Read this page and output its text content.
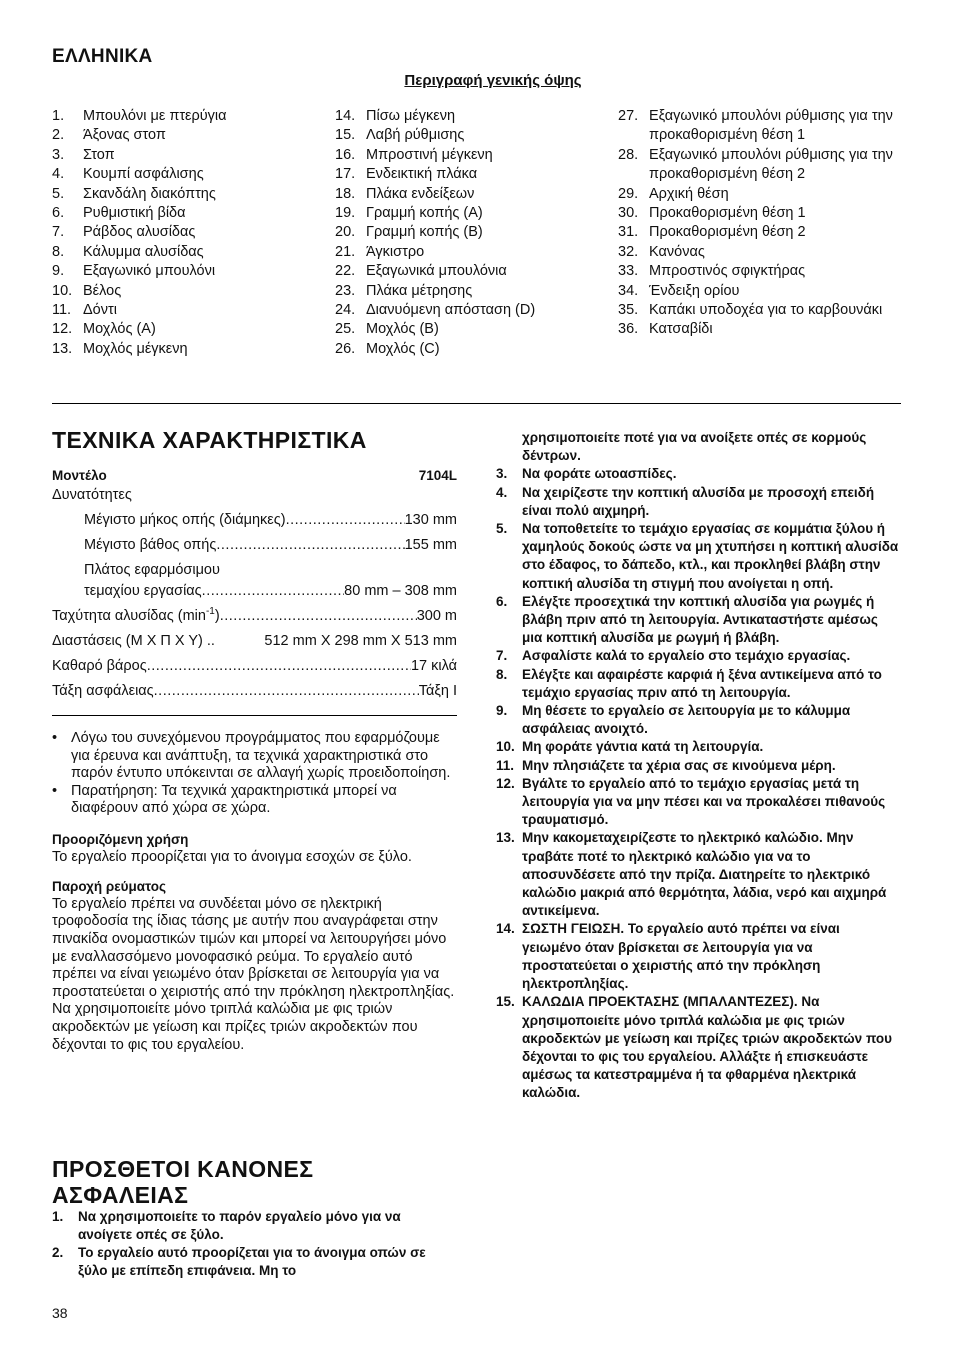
ΕΛΛΗΝΙΚΑ
Περιγραφή γενικής όψης
1.	Μπουλόνι με πτερύγια
2.	Άξονας στοπ
3.	Στοπ
4.	Κουμπί ασφάλισης
5.	Σκανδάλη διακόπτης
6.	Ρυθμιστική βίδα
7.	Ράβδος αλυσίδας
8.	Κάλυμμα αλυσίδας
9.	Εξαγωνικό μπουλόνι
10. Βέλος
11. Δόντι
12. Μοχλός (A)
13. Μοχλός μέγκενη
14. Πίσω μέγκενη
15. Λαβή ρύθμισης
16. Μπροστινή μέγκενη
17. Ενδεικτική πλάκα
18. Πλάκα ενδείξεων
19. Γραμμή κοπής (A)
20. Γραμμή κοπής (B)
21. Άγκιστρο
22. Εξαγωνικά μπουλόνια
23. Πλάκα μέτρησης
24. Διανυόμενη απόσταση (D)
25. Μοχλός (B)
26. Μοχλός (C)
27. Εξαγωνικό μπουλόνι ρύθμισης για την προκαθορισμένη θέση 1
28. Εξαγωνικό μπουλόνι ρύθμισης για την προκαθορισμένη θέση 2
29. Αρχική θέση
30. Προκαθορισμένη θέση 1
31. Προκαθορισμένη θέση 2
32. Κανόνας
33. Μπροστινός σφιγκτήρας
34. Ένδειξη ορίου
35. Καπάκι υποδοχέα για το καρβουνάκι
36. Κατσαβίδι
ΤΕΧΝΙΚΑ ΧΑΡΑΚΤΗΡΙΣΤΙΚΑ
Μοντέλο	7104L
Δυνατότητες
Μέγιστο μήκος οπής (διάμηκες) .....	130 mm
Μέγιστο βάθος οπής .....	155 mm
Πλάτος εφαρμόσιμου
τεμαχίου εργασίας .....	80 mm – 308 mm
Ταχύτητα αλυσίδας $(\min^{-1})$ .....	300 m
Διαστάσεις (Μ Χ Π Χ Υ) ..	512 mm X 298 mm X 513 mm
Καθαρό βάρος .....	17 κιλά
Τάξη ασφάλειας .....	Τάξη I
• Λόγω του συνεχόμενου προγράμματος που εφαρμόζουμε για έρευνα και ανάπτυξη, τα τεχνικά χαρακτηριστικά στο παρόν έντυπο υπόκεινται σε αλλαγή χωρίς προειδοποίηση.
• Παρατήρηση: Τα τεχνικά χαρακτηριστικά μπορεί να διαφέρουν από χώρα σε χώρα.
Προοριζόμενη χρήση
Το εργαλείο προορίζεται για το άνοιγμα εσοχών σε ξύλο.
Παροχή ρεύματος
Το εργαλείο πρέπει να συνδέεται μόνο σε ηλεκτρική τροφοδοσία της ίδιας τάσης με αυτήν που αναγράφεται στην πινακίδα ονομαστικών τιμών και μπορεί να λειτουργήσει μόνο με εναλλασσόμενο μονοφασικό ρεύμα. Το εργαλείο αυτό πρέπει να είναι γειωμένο όταν βρίσκεται σε λειτουργία για να προστατεύεται ο χειριστής από την πρόκληση ηλεκτροπληξίας. Να χρησιμοποιείτε μόνο τριπλά καλώδια με φις τριών ακροδεκτών με γείωση και πρίζες τριών ακροδεκτών που δέχονται το φις του εργαλείου.
ΠΡΟΣΘΕΤΟΙ ΚΑΝΟΝΕΣ
ΑΣΦΑΛΕΙΑΣ
1.	Να χρησιμοποιείτε το παρόν εργαλείο μόνο για να ανοίγετε οπές σε ξύλο.
2.	Το εργαλείο αυτό προορίζεται για το άνοιγμα οπών σε ξύλο με επίπεδη επιφάνεια. Μη το
χρησιμοποιείτε ποτέ για να ανοίξετε οπές σε κορμούς δέντρων.
3.	Να φοράτε ωτοασπίδες.
4.	Να χειρίζεστε την κοπτική αλυσίδα με προσοχή επειδή είναι πολύ αιχμηρή.
5.	Να τοποθετείτε το τεμάχιο εργασίας σε κομμάτια ξύλου ή χαμηλούς δοκούς ώστε να μη χτυπήσει η κοπτική αλυσίδα στο έδαφος, το δάπεδο, κτλ., και προκληθεί βλάβη στην κοπτική αλυσίδα τη στιγμή που ανοίγεται η οπή.
6.	Ελέγξτε προσεχτικά την κοπτική αλυσίδα για ρωγμές ή βλάβη πριν από τη λειτουργία. Αντικαταστήστε αμέσως μια κοπτική αλυσίδα με ρωγμή ή βλάβη.
7.	Ασφαλίστε καλά το εργαλείο στο τεμάχιο εργασίας.
8.	Ελέγξτε και αφαιρέστε καρφιά ή ξένα αντικείμενα από το τεμάχιο εργασίας πριν από τη λειτουργία.
9.	Μη θέσετε το εργαλείο σε λειτουργία με το κάλυμμα ασφάλειας ανοιχτό.
10. Μη φοράτε γάντια κατά τη λειτουργία.
11. Μην πλησιάζετε τα χέρια σας σε κινούμενα μέρη.
12. Βγάλτε το εργαλείο από το τεμάχιο εργασίας μετά τη λειτουργία για να μην πέσει και να προκαλέσει πιθανούς τραυματισμό.
13. Μην κακομεταχειρίζεστε το ηλεκτρικό καλώδιο. Μην τραβάτε ποτέ το ηλεκτρικό καλώδιο για να το αποσυνδέσετε από την πρίζα. Διατηρείτε το ηλεκτρικό καλώδιο μακριά από θερμότητα, λάδια, νερό και αιχμηρά αντικείμενα.
14. ΣΩΣΤΗ ΓΕΙΩΣΗ. Το εργαλείο αυτό πρέπει να είναι γειωμένο όταν βρίσκεται σε λειτουργία για να προστατεύεται ο χειριστής από την πρόκληση ηλεκτροπληξίας.
15. ΚΑΛΩΔΙΑ ΠΡΟΕΚΤΑΣΗΣ (ΜΠΑΛΑΝΤΕΖΕΣ). Να χρησιμοποιείτε μόνο τριπλά καλώδια με φις τριών ακροδεκτών με γείωση και πρίζες τριών ακροδεκτών που δέχονται το φις του εργαλείου. Αλλάξτε ή επισκευάστε αμέσως τα κατεστραμμένα ή τα φθαρμένα ηλεκτρικά καλώδια.
38
